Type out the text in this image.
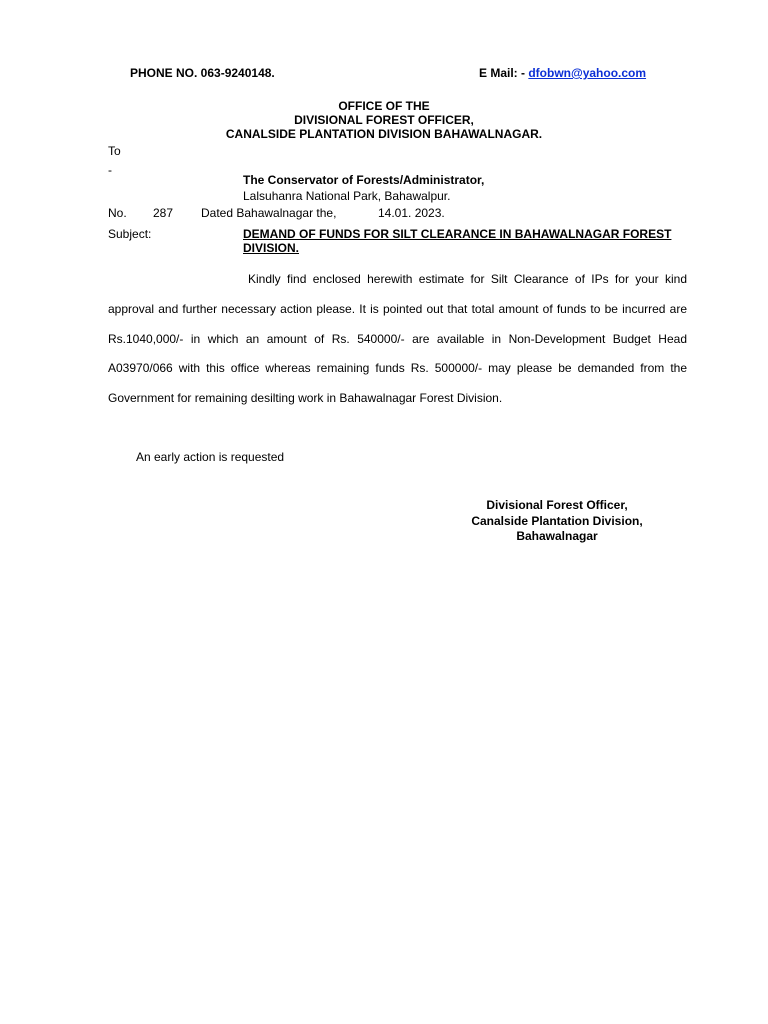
PHONE NO. 063-9240148.	E Mail: - dfobwn@yahoo.com
OFFICE OF THE
DIVISIONAL FOREST OFFICER,
CANALSIDE PLANTATION DIVISION BAHAWALNAGAR.
To
-
The Conservator of Forests/Administrator,
Lalsuhanra National Park, Bahawalpur.
No. 287 Dated Bahawalnagar the,	14.01. 2023.
Subject:	DEMAND OF FUNDS FOR SILT CLEARANCE IN BAHAWALNAGAR FOREST DIVISION.

Kindly find enclosed herewith estimate for Silt Clearance of IPs for your kind approval and further necessary action please. It is pointed out that total amount of funds to be incurred are Rs.1040,000/- in which an amount of Rs. 540000/- are available in Non-Development Budget Head A03970/066 with this office whereas remaining funds Rs. 500000/- may please be demanded from the Government for remaining desilting work in Bahawalnagar Forest Division.

An early action is requested
Divisional Forest Officer,
Canalside Plantation Division,
Bahawalnagar
